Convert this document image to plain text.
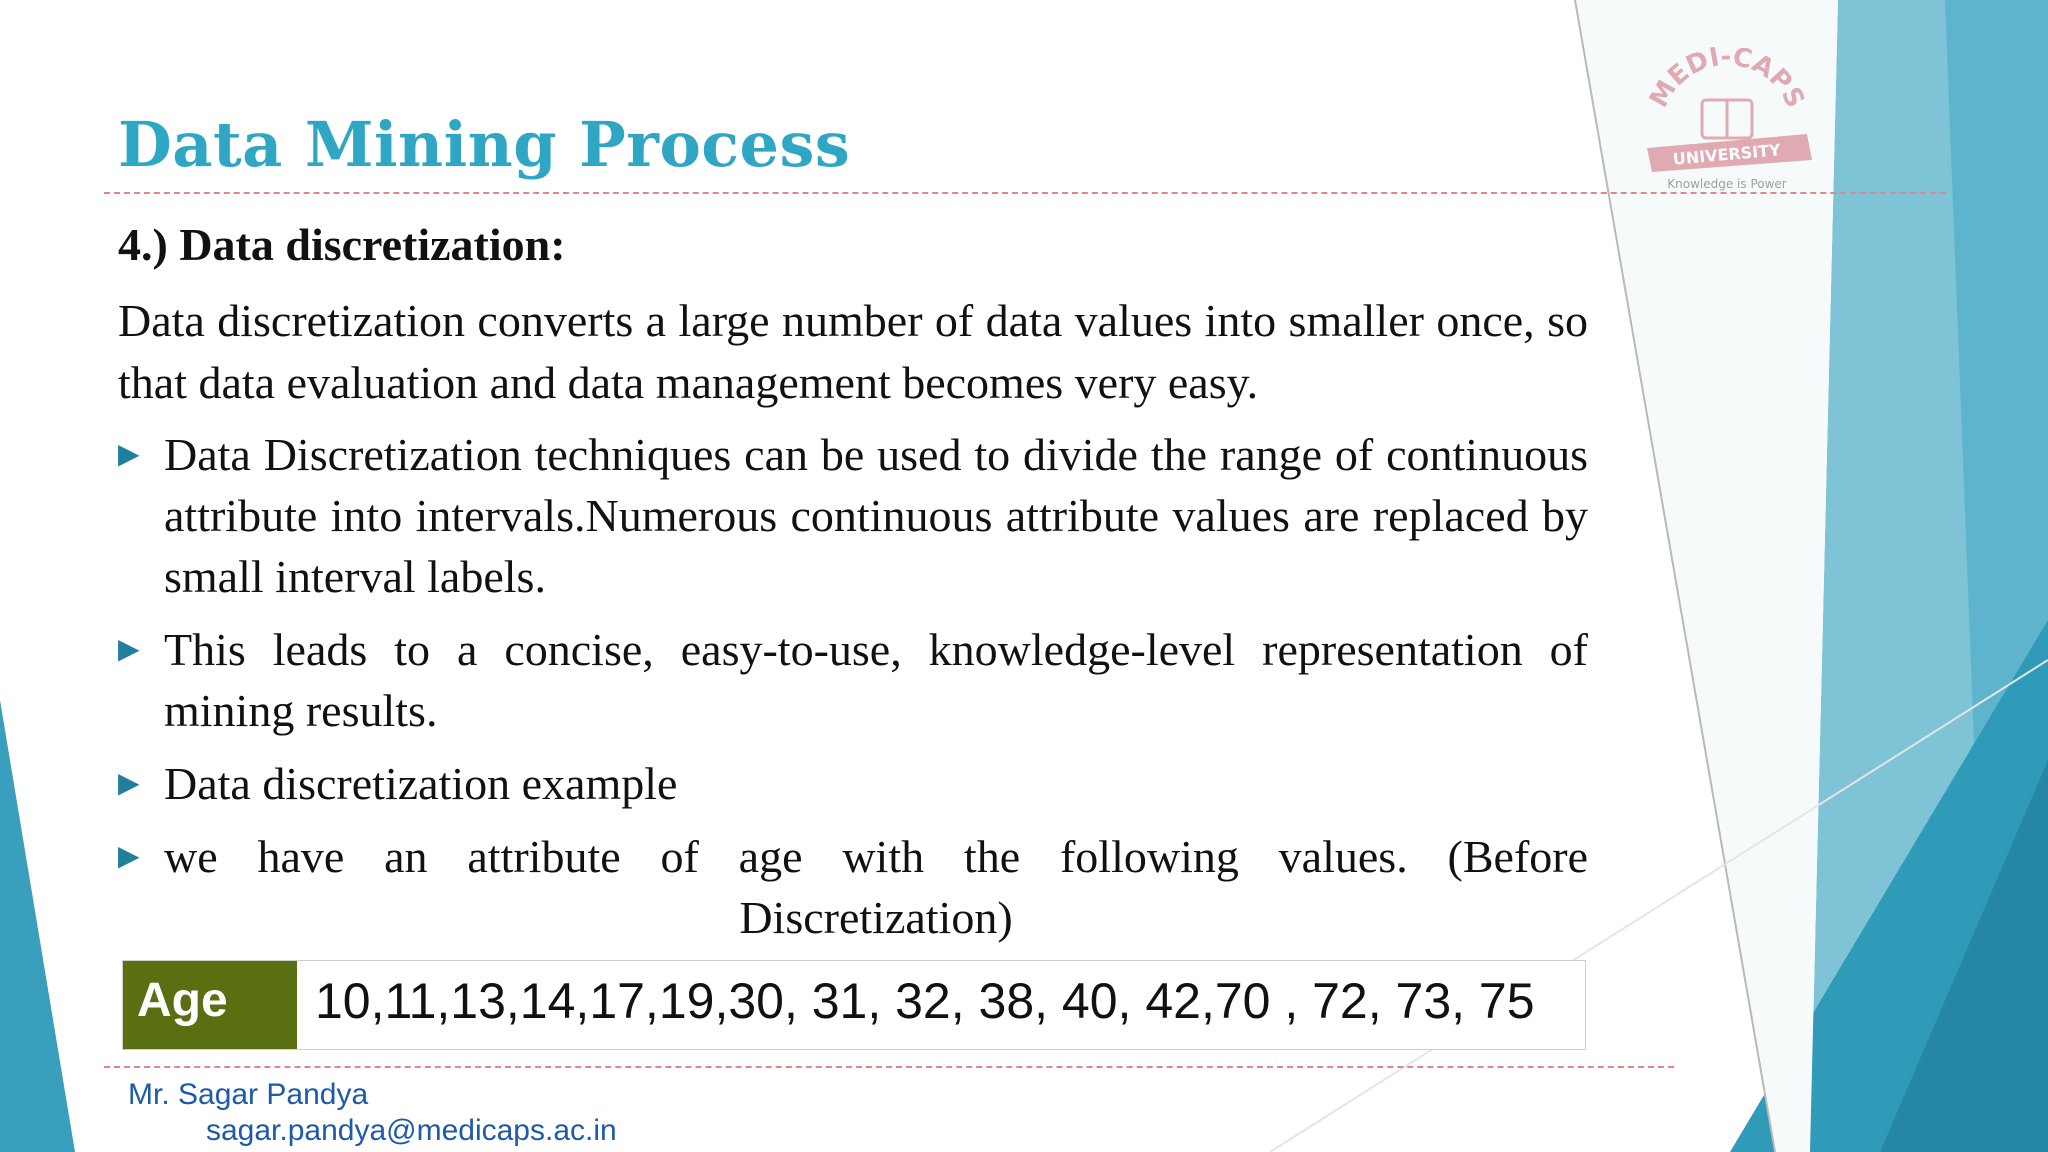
MEDI-CAPS
UNIVERSITY
Knowledge is Power
Data Mining Process
4.) Data discretization:

Data discretization converts a large number of data values into smaller once, so that data evaluation and data management becomes very easy.

▶ Data Discretization techniques can be used to divide the range of continuous attribute into intervals.Numerous continuous attribute values are replaced by small interval labels.
▶ This leads to a concise, easy-to-use, knowledge-level representation of mining results.
▶ Data discretization example
▶ we have an attribute of age with the following values. (Before Discretization)
Age	10,11,13,14,17,19,30, 31, 32, 38, 40, 42,70 , 72, 73, 75
Mr. Sagar Pandya
sagar.pandya@medicaps.ac.in
